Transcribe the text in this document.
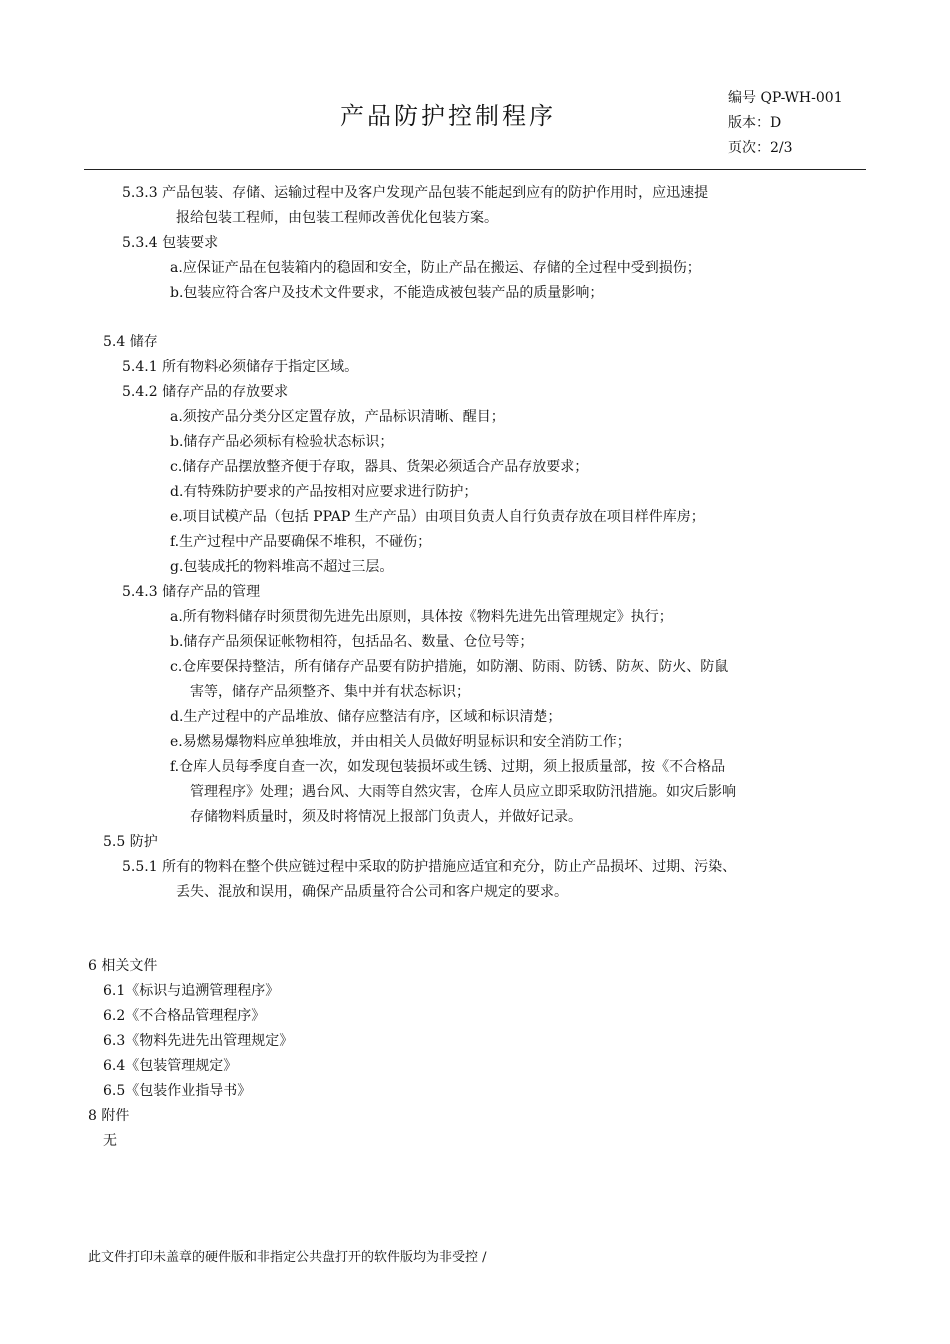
产品防护控制程序
编号 QP-WH-001
版本：D
页次：2/3
5.3.3 产品包装、存储、运输过程中及客户发现产品包装不能起到应有的防护作用时，应迅速提
报给包装工程师，由包装工程师改善优化包装方案。
5.3.4 包装要求
a.应保证产品在包装箱内的稳固和安全，防止产品在搬运、存储的全过程中受到损伤；
b.包装应符合客户及技术文件要求，不能造成被包装产品的质量影响；
5.4 储存
5.4.1 所有物料必须储存于指定区域。
5.4.2 储存产品的存放要求
a.须按产品分类分区定置存放，产品标识清晰、醒目；
b.储存产品必须标有检验状态标识；
c.储存产品摆放整齐便于存取，器具、货架必须适合产品存放要求；
d.有特殊防护要求的产品按相对应要求进行防护；
e.项目试模产品（包括 PPAP 生产产品）由项目负责人自行负责存放在项目样件库房；
f.生产过程中产品要确保不堆积，不碰伤；
g.包装成托的物料堆高不超过三层。
5.4.3 储存产品的管理
a.所有物料储存时须贯彻先进先出原则，具体按《物料先进先出管理规定》执行；
b.储存产品须保证帐物相符，包括品名、数量、仓位号等；
c.仓库要保持整洁，所有储存产品要有防护措施，如防潮、防雨、防锈、防灰、防火、防鼠
害等，储存产品须整齐、集中并有状态标识；
d.生产过程中的产品堆放、储存应整洁有序，区域和标识清楚；
e.易燃易爆物料应单独堆放，并由相关人员做好明显标识和安全消防工作；
f.仓库人员每季度自查一次，如发现包装损坏或生锈、过期，须上报质量部，按《不合格品
管理程序》处理；遇台风、大雨等自然灾害，仓库人员应立即采取防汛措施。如灾后影响
存储物料质量时，须及时将情况上报部门负责人，并做好记录。
5.5 防护
5.5.1 所有的物料在整个供应链过程中采取的防护措施应适宜和充分，防止产品损坏、过期、污染、
丢失、混放和误用，确保产品质量符合公司和客户规定的要求。
6 相关文件
6.1《标识与追溯管理程序》
6.2《不合格品管理程序》
6.3《物料先进先出管理规定》
6.4《包装管理规定》
6.5《包装作业指导书》
8 附件
无
此文件打印未盖章的硬件版和非指定公共盘打开的软件版均为非受控 /
